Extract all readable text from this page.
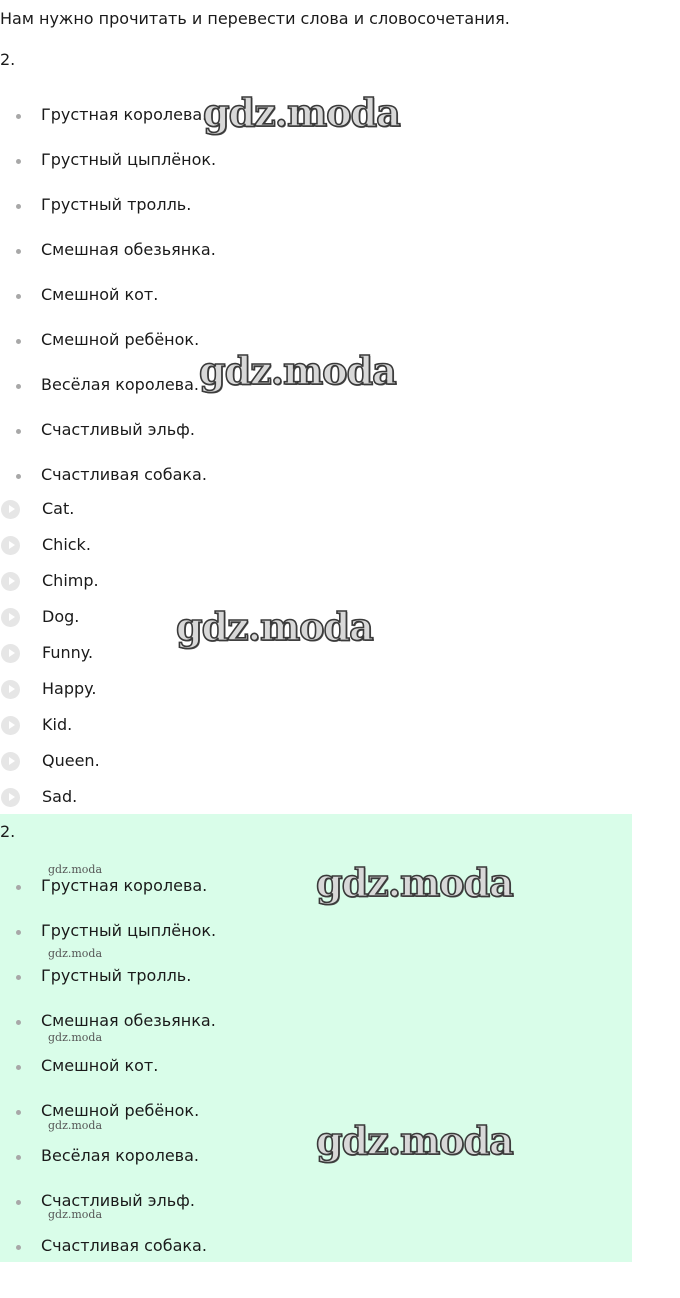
Нам нужно прочитать и перевести слова и словосочетания.

2.

Грустная королева.
Грустный цыплёнок.
Грустный тролль.
Смешная обезьянка.
Смешной кот.
Смешной ребёнок.
Весёлая королева.
Счастливый эльф.
Счастливая собака.
Cat.
Chick.
Chimp.
Dog.
Funny.
Happy.
Kid.
Queen.
Sad.

2.

Грустная королева.
Грустный цыплёнок.
Грустный тролль.
Смешная обезьянка.
Смешной кот.
Смешной ребёнок.
Весёлая королева.
Счастливый эльф.
Счастливая собака.
gdz.moda
gdz.moda
gdz.moda
gdz.moda
gdz.moda
gdz.moda
gdz.moda
gdz.moda
gdz.moda
gdz.moda
